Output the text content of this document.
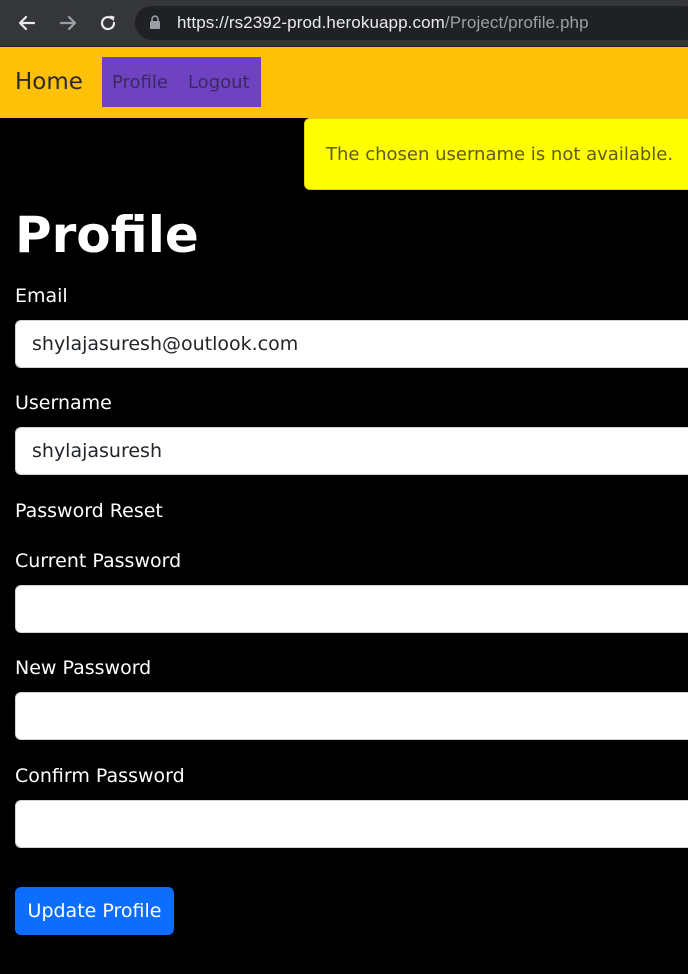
https://rs2392-prod.herokuapp.com/Project/profile.php
Home Profile Logout
The chosen username is not available.
Profile
Email
shylajasuresh@outlook.com
Username
shylajasuresh
Password Reset
Current Password
New Password
Confirm Password
Update Profile
